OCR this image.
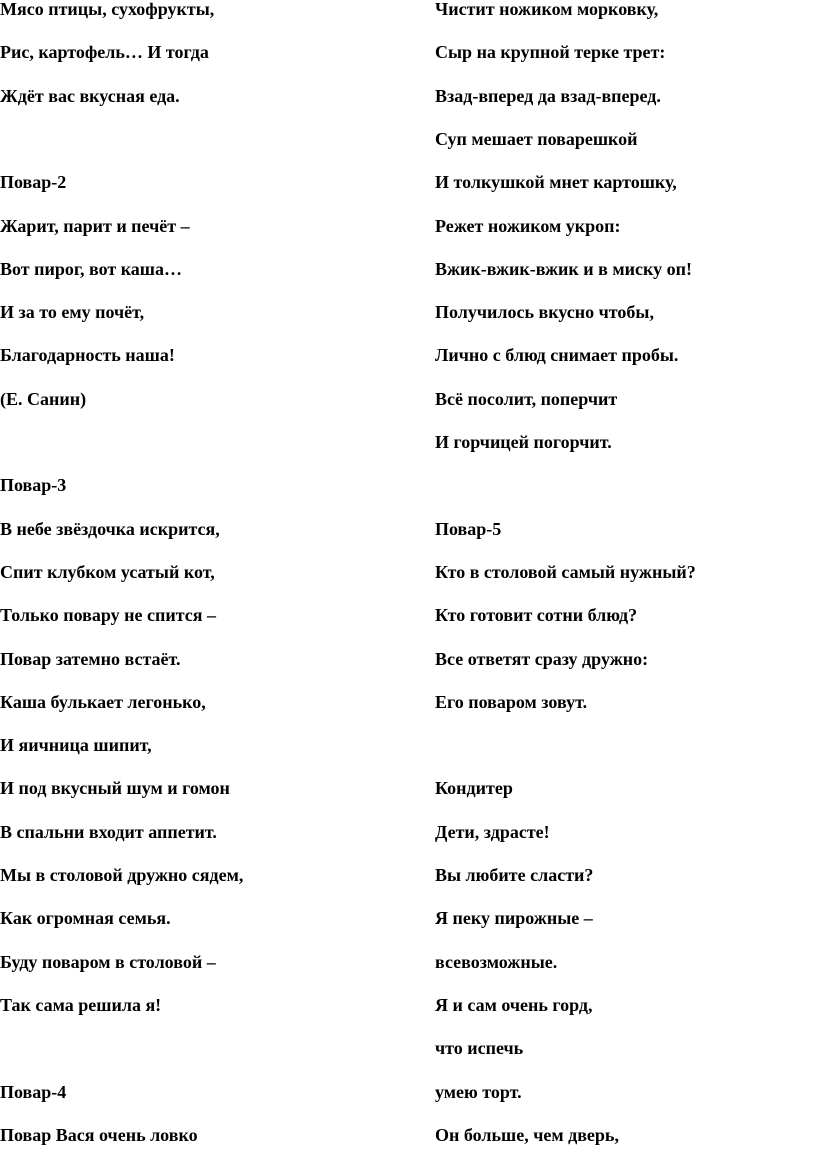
Мясо птицы, сухофрукты,
Рис, картофель… И тогда
Ждёт вас вкусная еда.
Повар-2
Жарит, парит и печёт –
Вот пирог, вот каша…
И за то ему почёт,
Благодарность наша!
(Е. Санин)
Повар-3
В небе звёздочка искрится,
Спит клубком усатый кот,
Только повару не спится –
Повар затемно встаёт.
Каша булькает легонько,
И яичница шипит,
И под вкусный шум и гомон
В спальни входит аппетит.
Мы в столовой дружно сядем,
Как огромная семья.
Буду поваром в столовой –
Так сама решила я!
Повар-4
Повар Вася очень ловко
Чистит ножиком морковку,
Сыр на крупной терке трет:
Взад-вперед да взад-вперед.
Суп мешает поварешкой
И толкушкой мнет картошку,
Режет ножиком укроп:
Вжик-вжик-вжик и в миску оп!
Получилось вкусно чтобы,
Лично с блюд снимает пробы.
Всё посолит, поперчит
И горчицей погорчит.
Повар-5
Кто в столовой самый нужный?
Кто готовит сотни блюд?
Все ответят сразу дружно:
Его поваром зовут.
Кондитер
Дети, здрасте!
Вы любите сласти?
Я пеку пирожные –
всевозможные.
Я и сам очень горд,
что испечь
умею торт.
Он больше, чем дверь,
